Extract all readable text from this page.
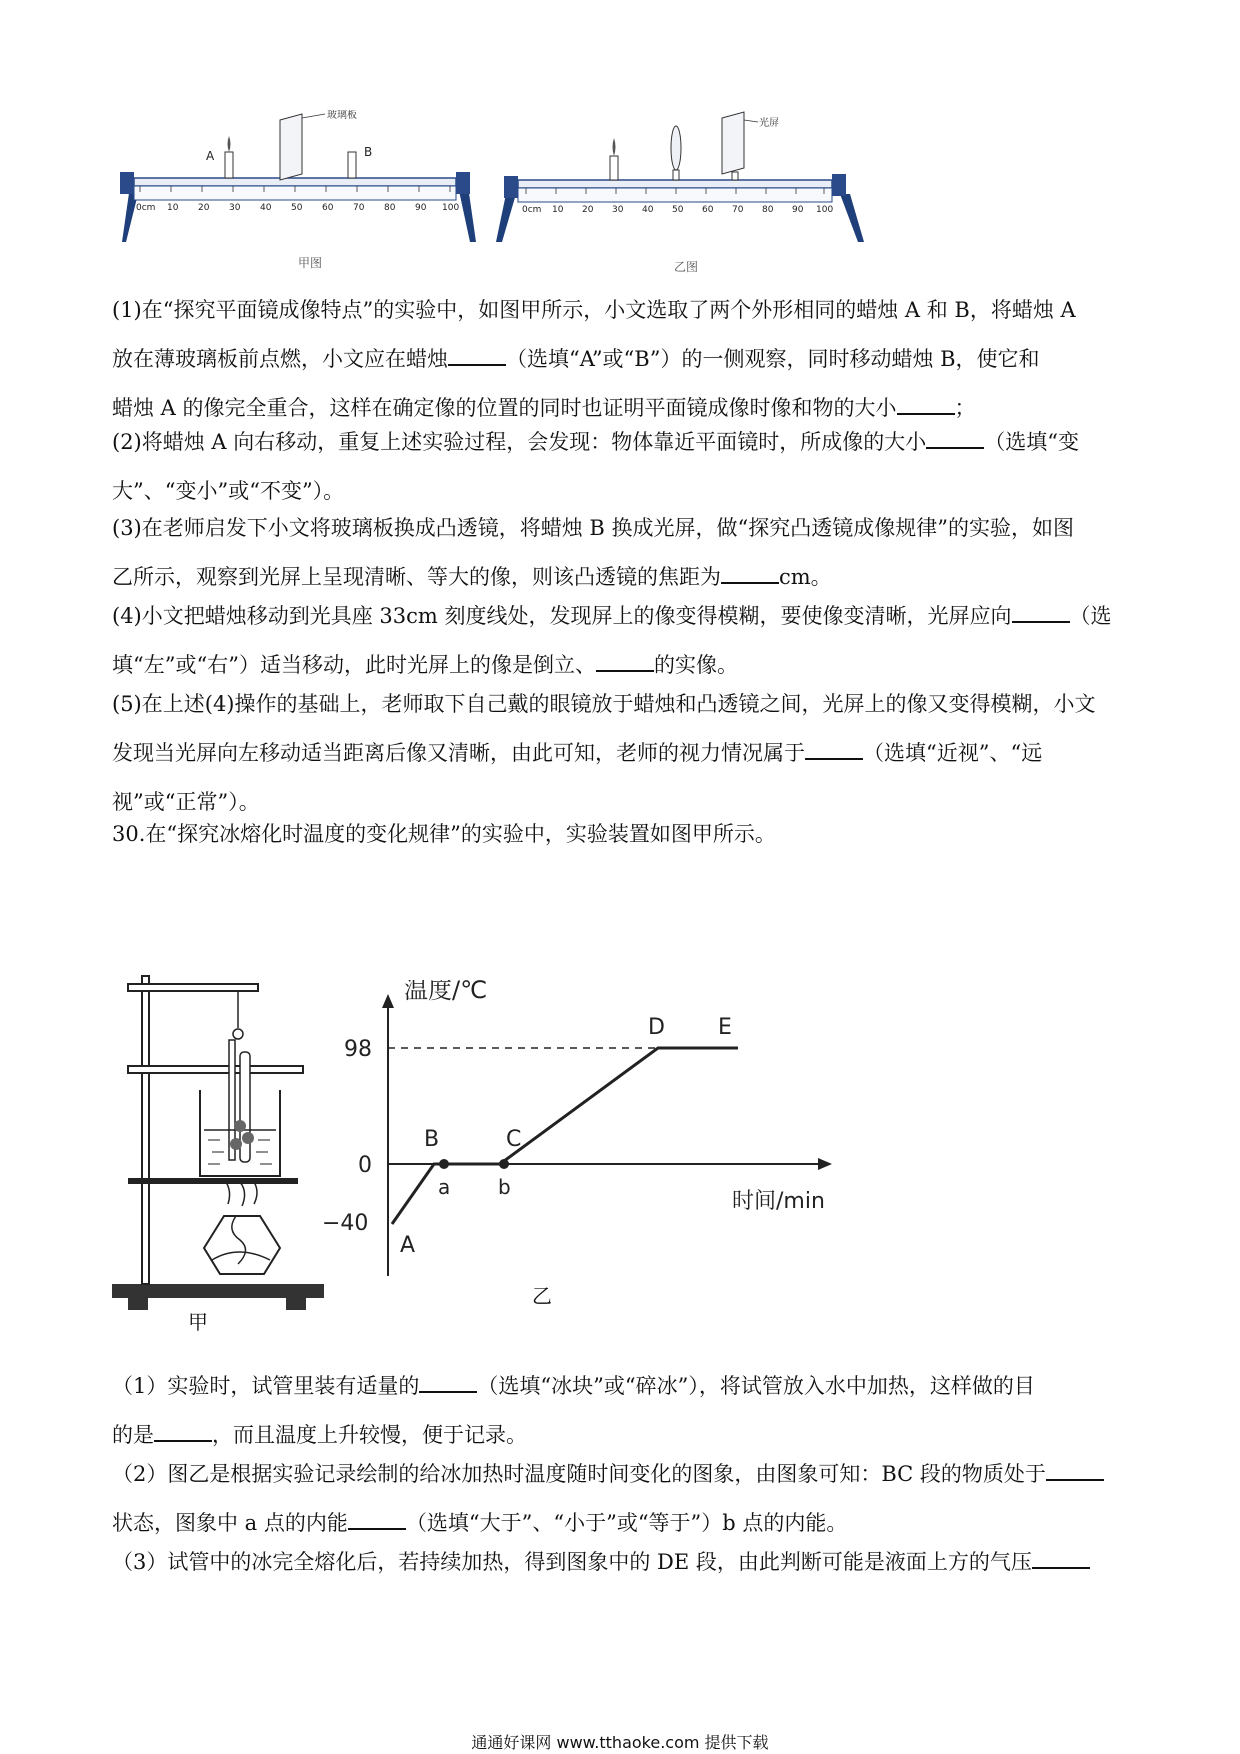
0cm 10 20 30 40 50 60 70 80 90 100
A
玻璃板
B
甲图
0cm 10 20 30 40 50 60 70 80 90 100
光屏
乙图
(1)在“探究平面镜成像特点”的实验中，如图甲所示，小文选取了两个外形相同的蜡烛 A 和 B，将蜡烛 A
放在薄玻璃板前点燃，小文应在蜡烛	（选填“A”或“B”）的一侧观察，同时移动蜡烛 B，使它和
蜡烛 A 的像完全重合，这样在确定像的位置的同时也证明平面镜成像时像和物的大小	；
(2)将蜡烛 A 向右移动，重复上述实验过程，会发现：物体靠近平面镜时，所成像的大小	（选填“变
大”、“变小”或“不变”）。
(3)在老师启发下小文将玻璃板换成凸透镜，将蜡烛 B 换成光屏，做“探究凸透镜成像规律”的实验，如图
乙所示，观察到光屏上呈现清晰、等大的像，则该凸透镜的焦距为	cm。
(4)小文把蜡烛移动到光具座 33cm 刻度线处，发现屏上的像变得模糊，要使像变清晰，光屏应向	（选
填“左”或“右”）适当移动，此时光屏上的像是倒立、	的实像。
(5)在上述(4)操作的基础上，老师取下自己戴的眼镜放于蜡烛和凸透镜之间，光屏上的像又变得模糊，小文
发现当光屏向左移动适当距离后像又清晰，由此可知，老师的视力情况属于	（选填“近视”、“远
视”或“正常”）。
30.在“探究冰熔化时温度的变化规律”的实验中，实验装置如图甲所示。
甲
温度/℃
时间/min
98
0
−40
A
B	C
D E
a b
乙
（1）实验时，试管里装有适量的	（选填“冰块”或“碎冰”），将试管放入水中加热，这样做的目
的是	，而且温度上升较慢，便于记录。
（2）图乙是根据实验记录绘制的给冰加热时温度随时间变化的图象，由图象可知：BC 段的物质处于
状态，图象中 a 点的内能	（选填“大于”、“小于”或“等于”）b 点的内能。
（3）试管中的冰完全熔化后，若持续加热，得到图象中的 DE 段，由此判断可能是液面上方的气压
通通好课网 www.tthaoke.com 提供下载
